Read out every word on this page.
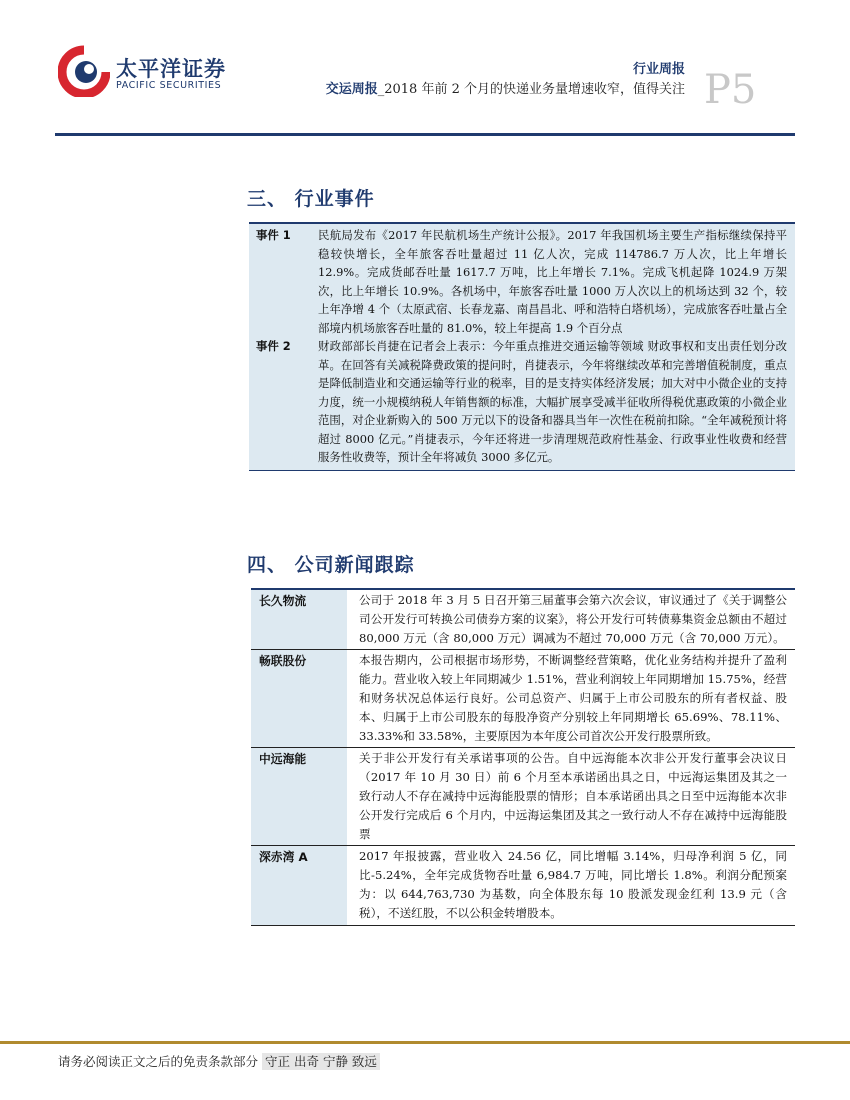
太平洋证券
PACIFIC SECURITIES
行业周报
交运周报_2018 年前 2 个月的快递业务量增速收窄，值得关注 P5
三、 行业事件
事件 1	民航局发布《2017 年民航机场生产统计公报》。2017 年我国机场主要生产指标继续保持平稳较快增长，全年旅客吞吐量超过 11 亿人次，完成 114786.7 万人次，比上年增长 12.9%。完成货邮吞吐量 1617.7 万吨，比上年增长 7.1%。完成飞机起降 1024.9 万架次，比上年增长 10.9%。各机场中，年旅客吞吐量 1000 万人次以上的机场达到 32 个，较上年净增 4 个（太原武宿、长春龙嘉、南昌昌北、呼和浩特白塔机场），完成旅客吞吐量占全部境内机场旅客吞吐量的 81.0%，较上年提高 1.9 个百分点
事件 2	财政部部长肖捷在记者会上表示：今年重点推进交通运输等领域 财政事权和支出责任划分改革。在回答有关减税降费政策的提问时，肖捷表示，今年将继续改革和完善增值税制度，重点是降低制造业和交通运输等行业的税率，目的是支持实体经济发展；加大对中小微企业的支持力度，统一小规模纳税人年销售额的标准，大幅扩展享受减半征收所得税优惠政策的小微企业范围，对企业新购入的 500 万元以下的设备和器具当年一次性在税前扣除。“全年减税预计将超过 8000 亿元。”肖捷表示，今年还将进一步清理规范政府性基金、行政事业性收费和经营服务性收费等，预计全年将减负 3000 多亿元。
四、 公司新闻跟踪
长久物流	公司于 2018 年 3 月 5 日召开第三届董事会第六次会议，审议通过了《关于调整公司公开发行可转换公司债券方案的议案》，将公开发行可转债募集资金总额由不超过 80,000 万元（含 80,000 万元）调减为不超过 70,000 万元（含 70,000 万元）。
畅联股份	本报告期内，公司根据市场形势，不断调整经营策略，优化业务结构并提升了盈利能力。营业收入较上年同期减少 1.51%，营业利润较上年同期增加 15.75%，经营和财务状况总体运行良好。公司总资产、归属于上市公司股东的所有者权益、股本、归属于上市公司股东的每股净资产分别较上年同期增长 65.69%、78.11%、33.33%和 33.58%，主要原因为本年度公司首次公开发行股票所致。
中远海能	关于非公开发行有关承诺事项的公告。自中远海能本次非公开发行董事会决议日（2017 年 10 月 30 日）前 6 个月至本承诺函出具之日，中远海运集团及其之一致行动人不存在减持中远海能股票的情形；自本承诺函出具之日至中远海能本次非公开发行完成后 6 个月内，中远海运集团及其之一致行动人不存在减持中远海能股票
深赤湾 A	2017 年报披露，营业收入 24.56 亿，同比增幅 3.14%，归母净利润 5 亿，同比-5.24%，全年完成货物吞吐量 6,984.7 万吨，同比增长 1.8%。利润分配预案为：以 644,763,730 为基数，向全体股东每 10 股派发现金红利 13.9 元（含税），不送红股，不以公积金转增股本。
请务必阅读正文之后的免责条款部分 守正 出奇 宁静 致远
